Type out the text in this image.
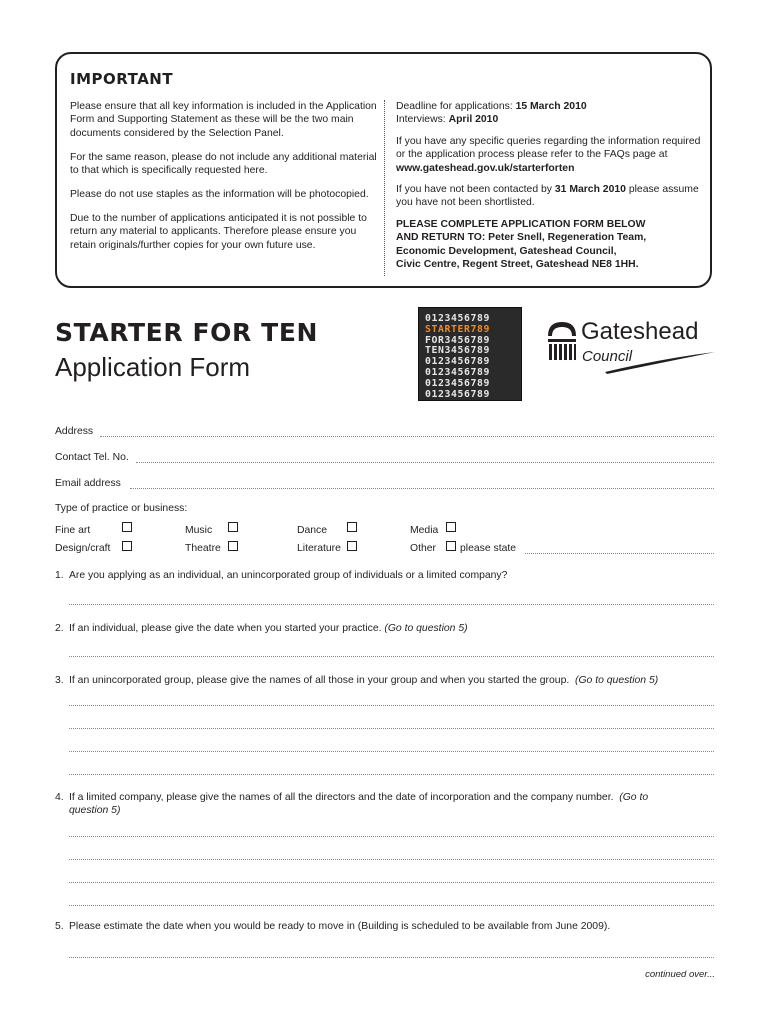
IMPORTANT

Please ensure that all key information is included in the Application Form and Supporting Statement as these will be the two main documents considered by the Selection Panel.

For the same reason, please do not include any additional material to that which is specifically requested here.

Please do not use staples as the information will be photocopied.

Due to the number of applications anticipated it is not possible to return any material to applicants. Therefore please ensure you retain originals/further copies for your own future use.

Deadline for applications: 15 March 2010
Interviews: April 2010

If you have any specific queries regarding the information required or the application process please refer to the FAQs page at www.gateshead.gov.uk/starterforten

If you have not been contacted by 31 March 2010 please assume you have not been shortlisted.

PLEASE COMPLETE APPLICATION FORM BELOW
AND RETURN TO: Peter Snell, Regeneration Team,
Economic Development, Gateshead Council,
Civic Centre, Regent Street, Gateshead NE8 1HH.

STARTER FOR TEN
Application Form
0123456789
STARTER789
FOR3456789
TEN3456789
0123456789
0123456789
0123456789
0123456789
Gateshead
Council
Address
Contact Tel. No.
Email address
Type of practice or business:
Fine art	Music	Dance	Media
Design/craft	Theatre	Literature	Other please state
1. Are you applying as an individual, an unincorporated group of individuals or a limited company?
2. If an individual, please give the date when you started your practice. (Go to question 5)
3. If an unincorporated group, please give the names of all those in your group and when you started the group. (Go to question 5)
4. If a limited company, please give the names of all the directors and the date of incorporation and the company number. (Go to
question 5)
5. Please estimate the date when you would be ready to move in (Building is scheduled to be available from June 2009).
continued over...
